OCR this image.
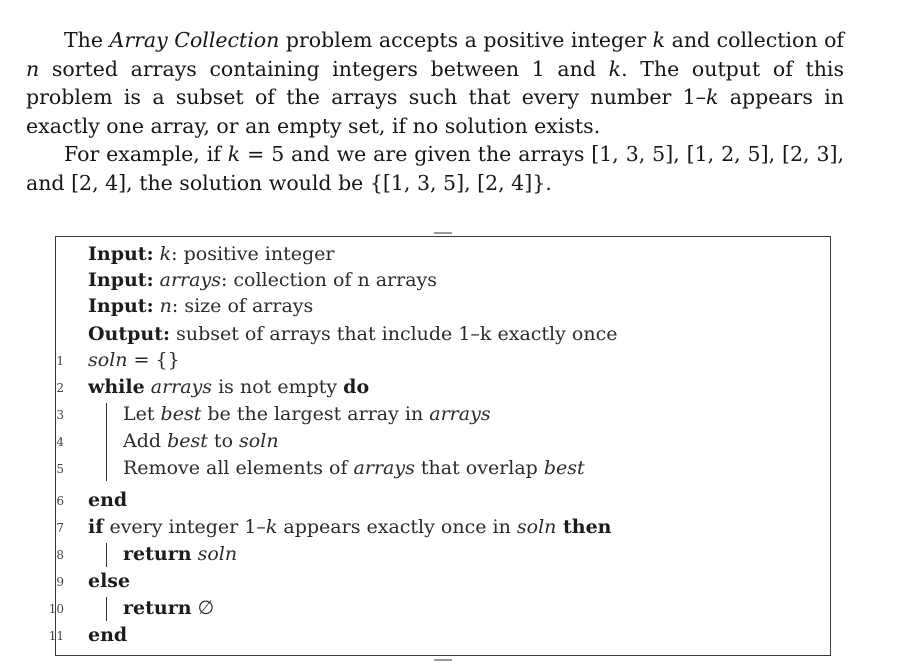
The Array Collection problem accepts a positive integer k and collection of n sorted arrays containing integers between 1 and k. The output of this problem is a subset of the arrays such that every number 1–k appears in exactly one array, or an empty set, if no solution exists.

For example, if k = 5 and we are given the arrays [1, 3, 5], [1, 2, 5], [2, 3], and [2, 4], the solution would be {[1, 3, 5], [2, 4]}.

Input: k: positive integer
Input: arrays: collection of n arrays
Input: n: size of arrays
Output: subset of arrays that include 1–k exactly once
1 soln = {}
2 while arrays is not empty do
3	Let best be the largest array in arrays
4	Add best to soln
5	Remove all elements of arrays that overlap best
6 end
7 if every integer 1–k appears exactly once in soln then
8	return soln
9 else
10	return ∅
11 end
